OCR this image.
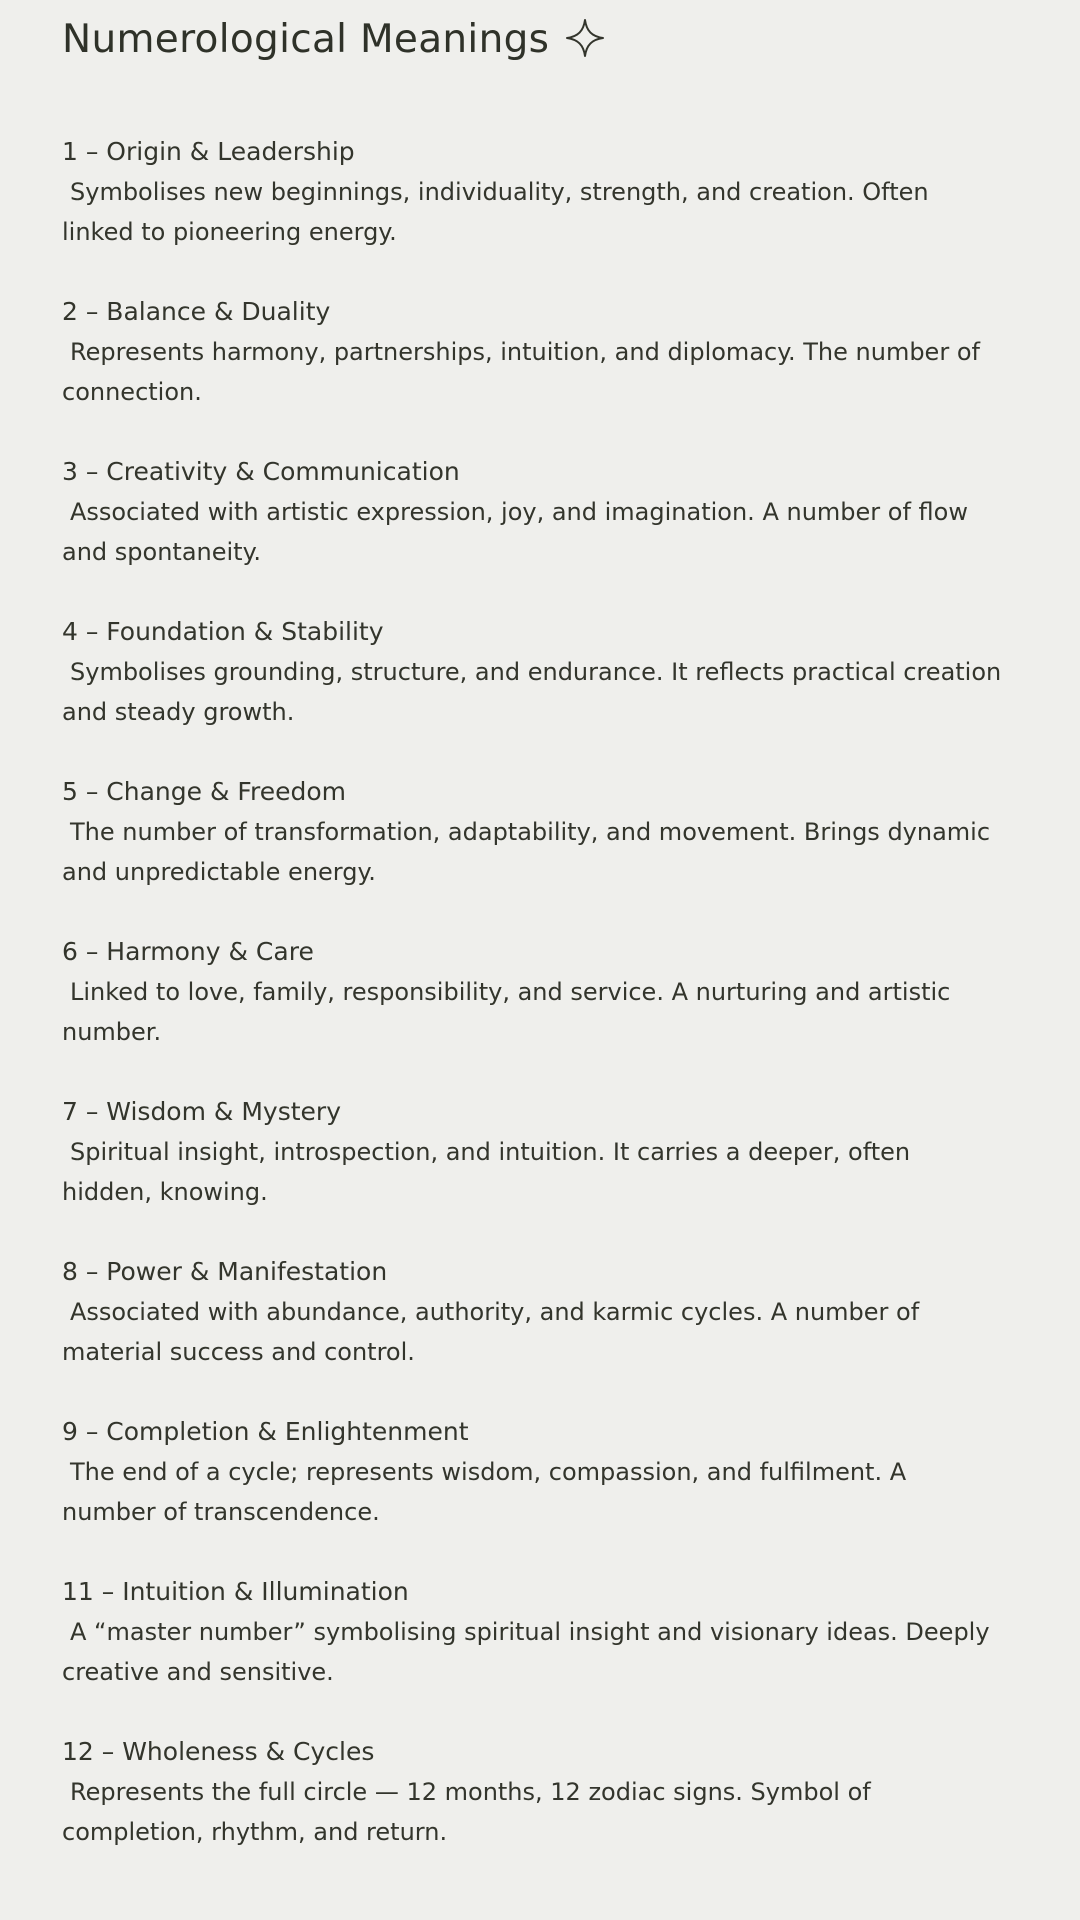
Numerological Meanings
1 – Origin & Leadership

Symbolises new beginnings, individuality, strength, and creation. Often linked to pioneering energy.

2 – Balance & Duality

Represents harmony, partnerships, intuition, and diplomacy. The number of connection.

3 – Creativity & Communication

Associated with artistic expression, joy, and imagination. A number of flow and spontaneity.

4 – Foundation & Stability

Symbolises grounding, structure, and endurance. It reflects practical creation and steady growth.

5 – Change & Freedom

The number of transformation, adaptability, and movement. Brings dynamic and unpredictable energy.

6 – Harmony & Care

Linked to love, family, responsibility, and service. A nurturing and artistic number.

7 – Wisdom & Mystery

Spiritual insight, introspection, and intuition. It carries a deeper, often hidden, knowing.

8 – Power & Manifestation

Associated with abundance, authority, and karmic cycles. A number of material success and control.

9 – Completion & Enlightenment

The end of a cycle; represents wisdom, compassion, and fulfilment. A number of transcendence.

11 – Intuition & Illumination

A “master number” symbolising spiritual insight and visionary ideas. Deeply creative and sensitive.

12 – Wholeness & Cycles

Represents the full circle — 12 months, 12 zodiac signs. Symbol of completion, rhythm, and return.
